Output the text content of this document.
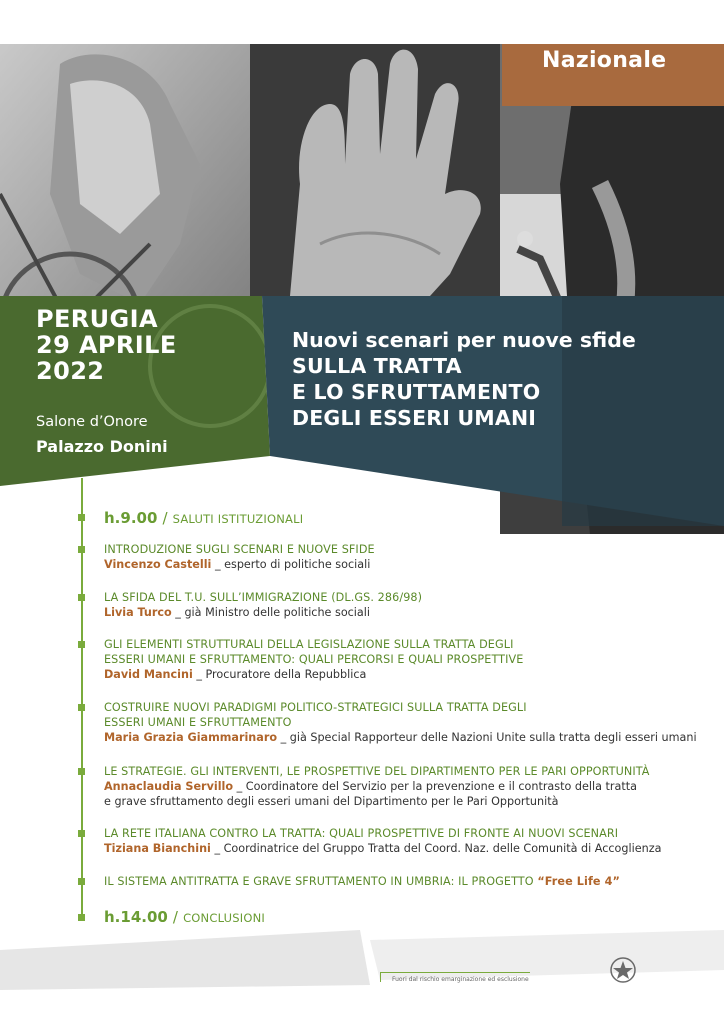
Nazionale
PERUGIA
29 APRILE
2022
Salone d’Onore
Palazzo Donini
Nuovi scenari per nuove sfide
SULLA TRATTA
E LO SFRUTTAMENTO
DEGLI ESSERI UMANI
h.9.00 / SALUTI ISTITUZIONALI
INTRODUZIONE SUGLI SCENARI E NUOVE SFIDE
Vincenzo Castelli _ esperto di politiche sociali
LA SFIDA DEL T.U. SULL’IMMIGRAZIONE (DL.GS. 286/98)
Livia Turco _ già Ministro delle politiche sociali
GLI ELEMENTI STRUTTURALI DELLA LEGISLAZIONE SULLA TRATTA DEGLI
ESSERI UMANI E SFRUTTAMENTO: QUALI PERCORSI E QUALI PROSPETTIVE
David Mancini _ Procuratore della Repubblica
COSTRUIRE NUOVI PARADIGMI POLITICO-STRATEGICI SULLA TRATTA DEGLI
ESSERI UMANI E SFRUTTAMENTO
Maria Grazia Giammarinaro _ già Special Rapporteur delle Nazioni Unite sulla tratta degli esseri umani
LE STRATEGIE. GLI INTERVENTI, LE PROSPETTIVE DEL DIPARTIMENTO PER LE PARI OPPORTUNITÀ
Annaclaudia Servillo _ Coordinatore del Servizio per la prevenzione e il contrasto della tratta
e grave sfruttamento degli esseri umani del Dipartimento per le Pari Opportunità
LA RETE ITALIANA CONTRO LA TRATTA: QUALI PROSPETTIVE DI FRONTE AI NUOVI SCENARI
Tiziana Bianchini _ Coordinatrice del Gruppo Tratta del Coord. Naz. delle Comunità di Accoglienza
IL SISTEMA ANTITRATTA E GRAVE SFRUTTAMENTO IN UMBRIA: IL PROGETTO “Free Life 4”
h.14.00 / CONCLUSIONI
Fuori dal rischio emarginazione ed esclusione
